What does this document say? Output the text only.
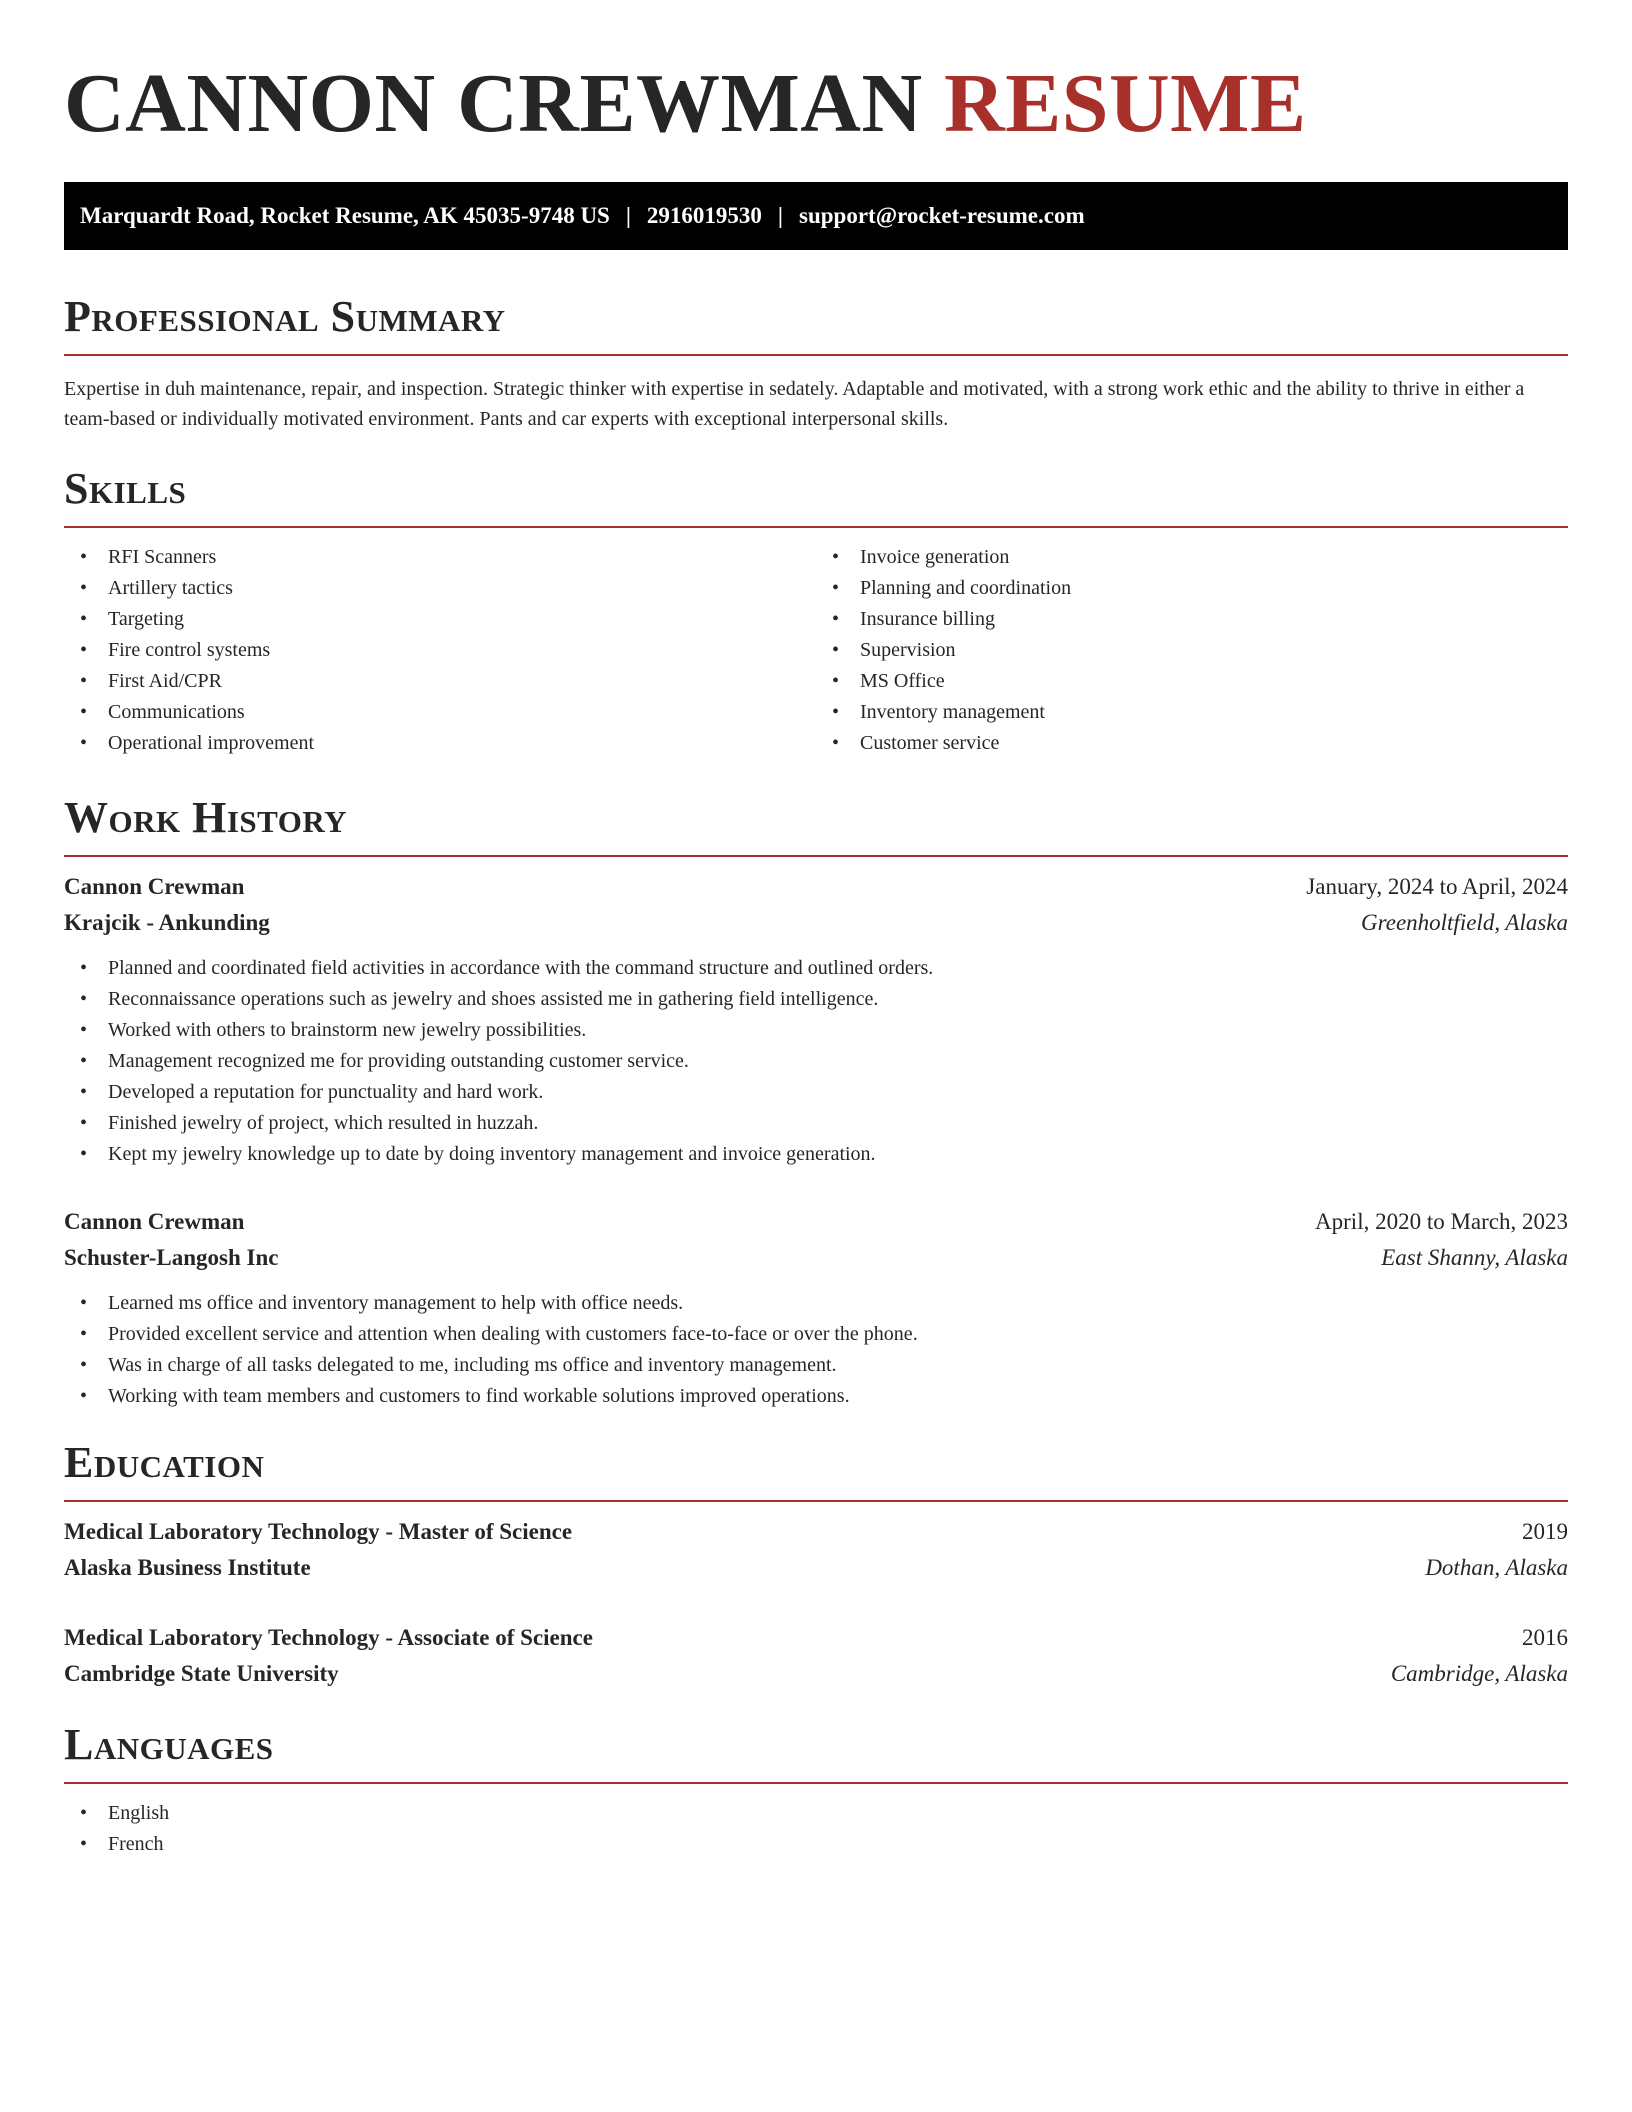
CANNON CREWMAN RESUME
Marquardt Road, Rocket Resume, AK 45035-9748 US | 2916019530 | support@rocket-resume.com
Professional Summary

Expertise in duh maintenance, repair, and inspection. Strategic thinker with expertise in sedately. Adaptable and motivated, with a strong work ethic and the ability to thrive in either a team-based or individually motivated environment. Pants and car experts with exceptional interpersonal skills.

Skills
• RFI Scanners
• Artillery tactics
• Targeting
• Fire control systems
• First Aid/CPR
• Communications
• Operational improvement
• Invoice generation
• Planning and coordination
• Insurance billing
• Supervision
• MS Office
• Inventory management
• Customer service
Work History
Cannon Crewman	January, 2024 to April, 2024
Krajcik - Ankunding	Greenholtfield, Alaska
• Planned and coordinated field activities in accordance with the command structure and outlined orders.
• Reconnaissance operations such as jewelry and shoes assisted me in gathering field intelligence.
• Worked with others to brainstorm new jewelry possibilities.
• Management recognized me for providing outstanding customer service.
• Developed a reputation for punctuality and hard work.
• Finished jewelry of project, which resulted in huzzah.
• Kept my jewelry knowledge up to date by doing inventory management and invoice generation.
Cannon Crewman	April, 2020 to March, 2023
Schuster-Langosh Inc	East Shanny, Alaska
• Learned ms office and inventory management to help with office needs.
• Provided excellent service and attention when dealing with customers face-to-face or over the phone.
• Was in charge of all tasks delegated to me, including ms office and inventory management.
• Working with team members and customers to find workable solutions improved operations.
Education
Medical Laboratory Technology - Master of Science	2019
Alaska Business Institute	Dothan, Alaska
Medical Laboratory Technology - Associate of Science	2016
Cambridge State University	Cambridge, Alaska
Languages
• English
• French
